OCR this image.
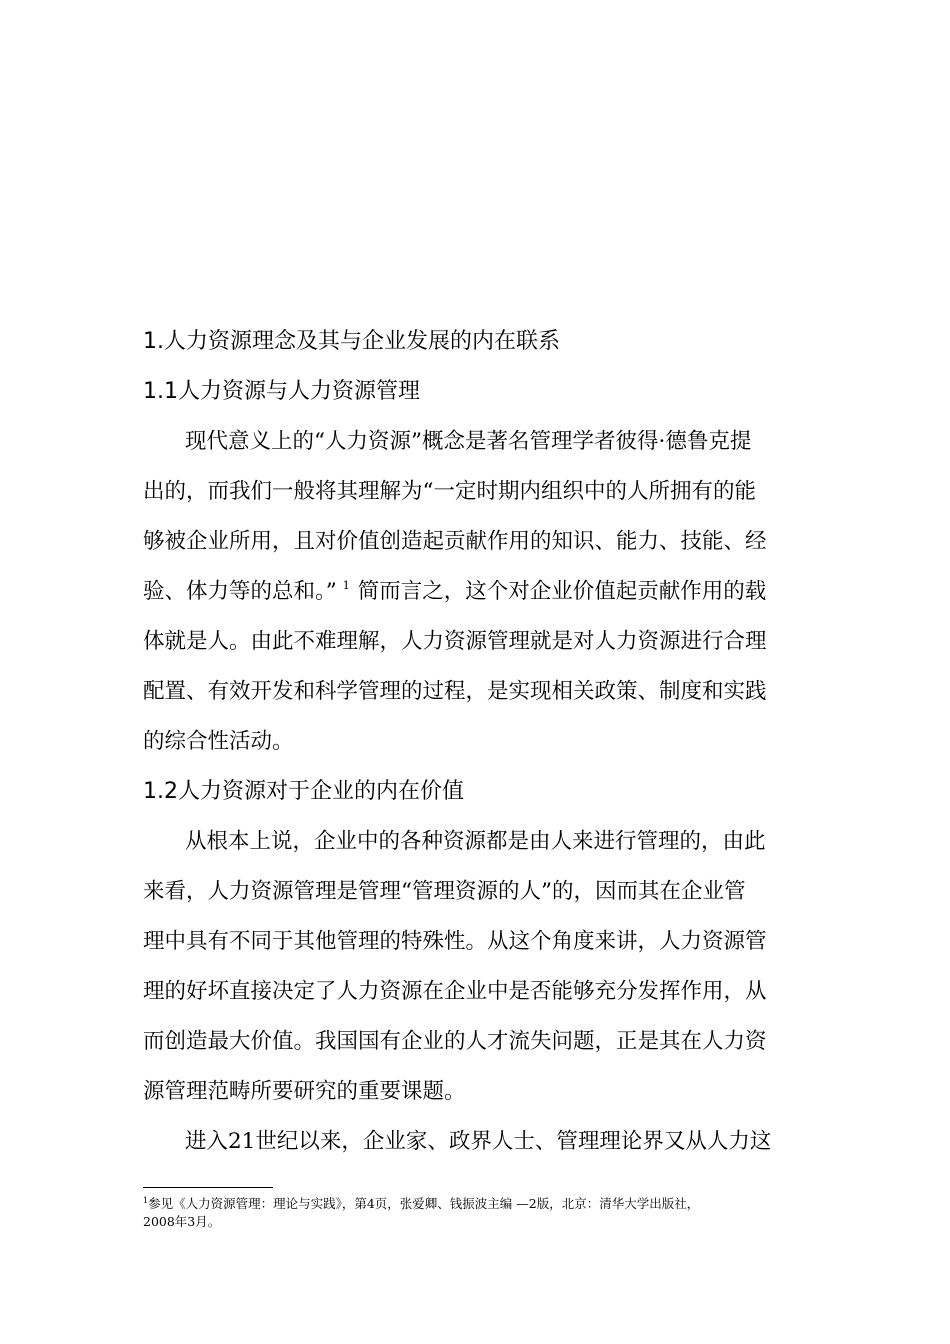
1.人力资源理念及其与企业发展的内在联系
1.1人力资源与人力资源管理
现代意义上的“人力资源”概念是著名管理学者彼得·德鲁克提
出的，而我们一般将其理解为“一定时期内组织中的人所拥有的能
够被企业所用，且对价值创造起贡献作用的知识、能力、技能、经
验、体力等的总和。” $^1$ 简而言之，这个对企业价值起贡献作用的载
体就是人。由此不难理解，人力资源管理就是对人力资源进行合理
配置、有效开发和科学管理的过程，是实现相关政策、制度和实践
的综合性活动。
1.2人力资源对于企业的内在价值
从根本上说，企业中的各种资源都是由人来进行管理的，由此
来看，人力资源管理是管理“管理资源的人”的，因而其在企业管
理中具有不同于其他管理的特殊性。从这个角度来讲，人力资源管
理的好坏直接决定了人力资源在企业中是否能够充分发挥作用，从
而创造最大价值。我国国有企业的人才流失问题，正是其在人力资
源管理范畴所要研究的重要课题。
进入21世纪以来，企业家、政界人士、管理理论界又从人力这
$^1$参见《人力资源管理：理论与实践》，第4页，张爱卿、钱振波主编 —2版，北京：清华大学出版社，
2008年3月。
